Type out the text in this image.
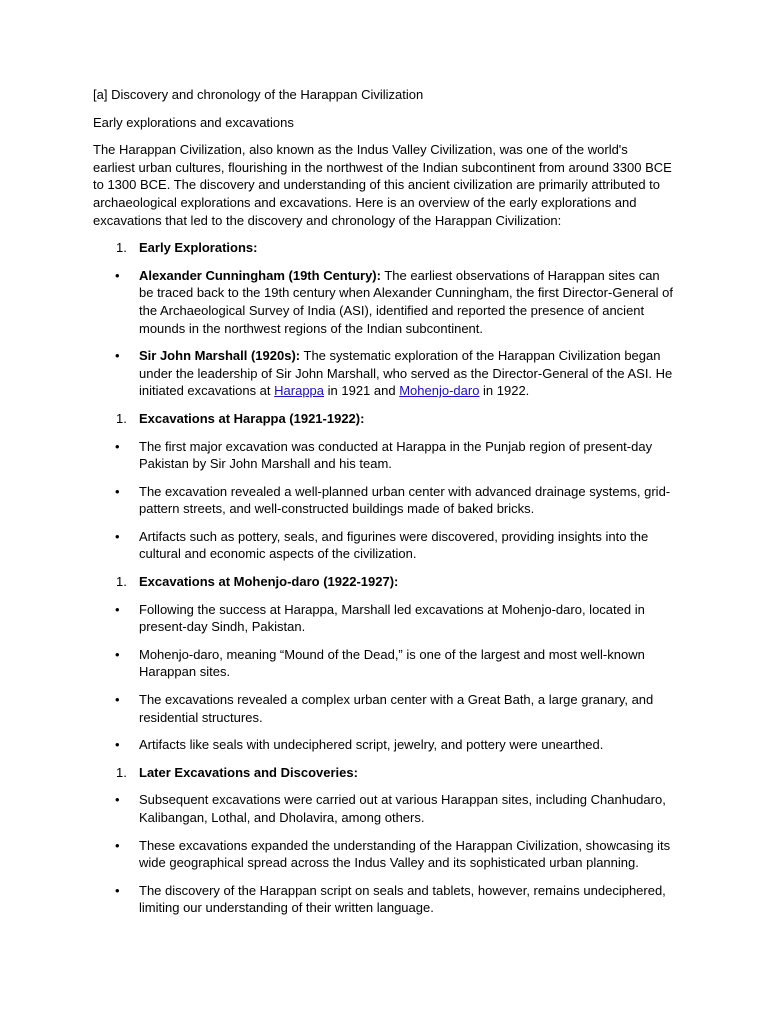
[a] Discovery and chronology of the Harappan Civilization

Early explorations and excavations

The Harappan Civilization, also known as the Indus Valley Civilization, was one of the world's earliest urban cultures, flourishing in the northwest of the Indian subcontinent from around 3300 BCE to 1300 BCE. The discovery and understanding of this ancient civilization are primarily attributed to archaeological explorations and excavations. Here is an overview of the early explorations and excavations that led to the discovery and chronology of the Harappan Civilization:

1. Early Explorations:
• Alexander Cunningham (19th Century): The earliest observations of Harappan sites can be traced back to the 19th century when Alexander Cunningham, the first Director-General of the Archaeological Survey of India (ASI), identified and reported the presence of ancient mounds in the northwest regions of the Indian subcontinent.
• Sir John Marshall (1920s): The systematic exploration of the Harappan Civilization began under the leadership of Sir John Marshall, who served as the Director-General of the ASI. He initiated excavations at Harappa in 1921 and Mohenjo-daro in 1922.
1. Excavations at Harappa (1921-1922):
• The first major excavation was conducted at Harappa in the Punjab region of present-day Pakistan by Sir John Marshall and his team.
• The excavation revealed a well-planned urban center with advanced drainage systems, grid-pattern streets, and well-constructed buildings made of baked bricks.
• Artifacts such as pottery, seals, and figurines were discovered, providing insights into the cultural and economic aspects of the civilization.
1. Excavations at Mohenjo-daro (1922-1927):
• Following the success at Harappa, Marshall led excavations at Mohenjo-daro, located in present-day Sindh, Pakistan.
• Mohenjo-daro, meaning “Mound of the Dead,” is one of the largest and most well-known Harappan sites.
• The excavations revealed a complex urban center with a Great Bath, a large granary, and residential structures.
• Artifacts like seals with undeciphered script, jewelry, and pottery were unearthed.
1. Later Excavations and Discoveries:
• Subsequent excavations were carried out at various Harappan sites, including Chanhudaro, Kalibangan, Lothal, and Dholavira, among others.
• These excavations expanded the understanding of the Harappan Civilization, showcasing its wide geographical spread across the Indus Valley and its sophisticated urban planning.
• The discovery of the Harappan script on seals and tablets, however, remains undeciphered, limiting our understanding of their written language.
